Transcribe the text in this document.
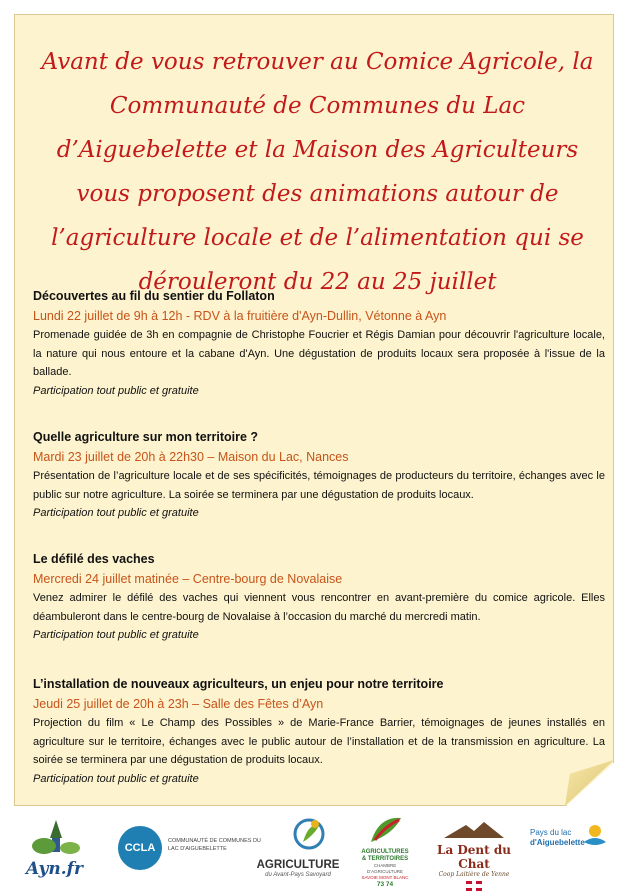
Avant de vous retrouver au Comice Agricole, la Communauté de Communes du Lac d’Aiguebelette et la Maison des Agriculteurs vous proposent des animations autour de l’agriculture locale et de l’alimentation qui se dérouleront du 22 au 25 juillet

Découvertes au fil du sentier du Follaton

Lundi 22 juillet de 9h à 12h - RDV à la fruitière d'Ayn-Dullin, Vétonne à Ayn

Promenade guidée de 3h en compagnie de Christophe Foucrier et Régis Damian pour découvrir l'agriculture locale, la nature qui nous entoure et la cabane d'Ayn. Une dégustation de produits locaux sera proposée à l'issue de la ballade.

Participation tout public et gratuite

Quelle agriculture sur mon territoire ?

Mardi 23 juillet de 20h à 22h30 – Maison du Lac, Nances

Présentation de l’agriculture locale et de ses spécificités, témoignages de producteurs du territoire, échanges avec le public sur notre agriculture. La soirée se terminera par une dégustation de produits locaux.

Participation tout public et gratuite

Le défilé des vaches

Mercredi 24 juillet matinée – Centre-bourg de Novalaise

Venez admirer le défilé des vaches qui viennent vous rencontrer en avant-première du comice agricole. Elles déambuleront dans le centre-bourg de Novalaise à l’occasion du marché du mercredi matin.

Participation tout public et gratuite

L’installation de nouveaux agriculteurs, un enjeu pour notre territoire

Jeudi 25 juillet de 20h à 23h – Salle des Fêtes d’Ayn

Projection du film « Le Champ des Possibles » de Marie-France Barrier, témoignages de jeunes installés en agriculture sur le territoire, échanges avec le public autour de l’installation et de la transmission en agriculture. La soirée se terminera par une dégustation de produits locaux.

Participation tout public et gratuite

Ayn.fr
CCLA
COMMUNAUTÉ DE COMMUNES DU
LAC D'AIGUEBELETTE
AGRICULTURE
du Avant-Pays Savoyard
AGRICULTURES
& TERRITOIRES
CHAMBRE D'AGRICULTURE
SAVOIE MONT BLANC
73 74
La Dent du Chat
Coop Laitière de Yenne
Pays du lac
d'Aiguebelette
